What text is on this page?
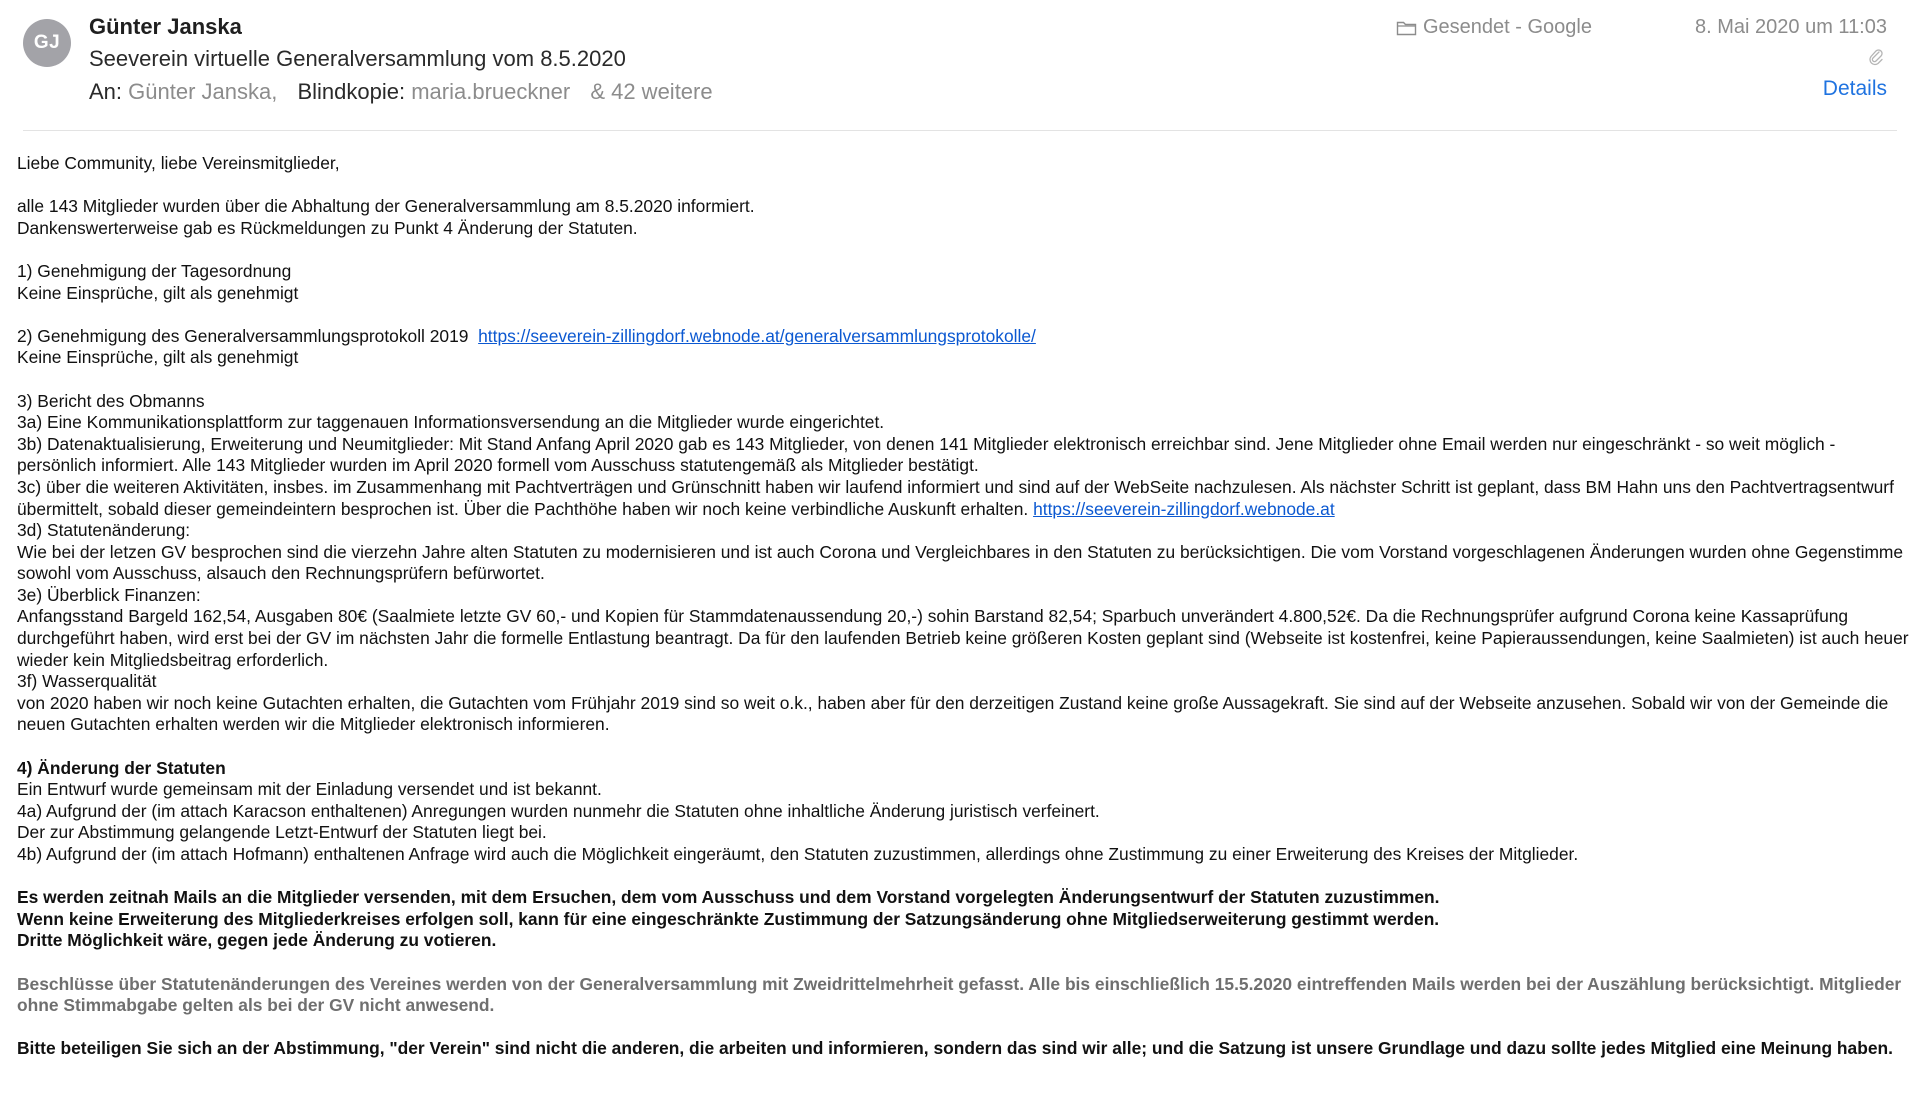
GJ
Günter Janska
Seeverein virtuelle Generalversammlung vom 8.5.2020
An: Günter Janska, Blindkopie: maria.brueckner & 42 weitere
Gesendet - Google	8. Mai 2020 um 11:03
Details

Liebe Community, liebe Vereinsmitglieder,

alle 143 Mitglieder wurden über die Abhaltung der Generalversammlung am 8.5.2020 informiert.

Dankenswerterweise gab es Rückmeldungen zu Punkt 4 Änderung der Statuten.

1) Genehmigung der Tagesordnung

Keine Einsprüche, gilt als genehmigt

2) Genehmigung des Generalversammlungsprotokoll 2019 https://seeverein-zillingdorf.webnode.at/generalversammlungsprotokolle/

Keine Einsprüche, gilt als genehmigt

3) Bericht des Obmanns

3a) Eine Kommunikationsplattform zur taggenauen Informationsversendung an die Mitglieder wurde eingerichtet.

3b) Datenaktualisierung, Erweiterung und Neumitglieder: Mit Stand Anfang April 2020 gab es 143 Mitglieder, von denen 141 Mitglieder elektronisch erreichbar sind. Jene Mitglieder ohne Email werden nur eingeschränkt - so weit möglich - persönlich informiert. Alle 143 Mitglieder wurden im April 2020 formell vom Ausschuss statutengemäß als Mitglieder bestätigt.

3c) über die weiteren Aktivitäten, insbes. im Zusammenhang mit Pachtverträgen und Grünschnitt haben wir laufend informiert und sind auf der WebSeite nachzulesen. Als nächster Schritt ist geplant, dass BM Hahn uns den Pachtvertragsentwurf übermittelt, sobald dieser gemeindeintern besprochen ist. Über die Pachthöhe haben wir noch keine verbindliche Auskunft erhalten. https://seeverein-zillingdorf.webnode.at

3d) Statutenänderung:

Wie bei der letzen GV besprochen sind die vierzehn Jahre alten Statuten zu modernisieren und ist auch Corona und Vergleichbares in den Statuten zu berücksichtigen. Die vom Vorstand vorgeschlagenen Änderungen wurden ohne Gegenstimme sowohl vom Ausschuss, alsauch den Rechnungsprüfern befürwortet.

3e) Überblick Finanzen:

Anfangsstand Bargeld 162,54, Ausgaben 80€ (Saalmiete letzte GV 60,- und Kopien für Stammdatenaussendung 20,-) sohin Barstand 82,54; Sparbuch unverändert 4.800,52€. Da die Rechnungsprüfer aufgrund Corona keine Kassaprüfung durchgeführt haben, wird erst bei der GV im nächsten Jahr die formelle Entlastung beantragt. Da für den laufenden Betrieb keine größeren Kosten geplant sind (Webseite ist kostenfrei, keine Papieraussendungen, keine Saalmieten) ist auch heuer wieder kein Mitgliedsbeitrag erforderlich.

3f) Wasserqualität

von 2020 haben wir noch keine Gutachten erhalten, die Gutachten vom Frühjahr 2019 sind so weit o.k., haben aber für den derzeitigen Zustand keine große Aussagekraft. Sie sind auf der Webseite anzusehen. Sobald wir von der Gemeinde die neuen Gutachten erhalten werden wir die Mitglieder elektronisch informieren.

4) Änderung der Statuten

Ein Entwurf wurde gemeinsam mit der Einladung versendet und ist bekannt.

4a) Aufgrund der (im attach Karacson enthaltenen) Anregungen wurden nunmehr die Statuten ohne inhaltliche Änderung juristisch verfeinert.

Der zur Abstimmung gelangende Letzt-Entwurf der Statuten liegt bei.

4b) Aufgrund der (im attach Hofmann) enthaltenen Anfrage wird auch die Möglichkeit eingeräumt, den Statuten zuzustimmen, allerdings ohne Zustimmung zu einer Erweiterung des Kreises der Mitglieder.

Es werden zeitnah Mails an die Mitglieder versenden, mit dem Ersuchen, dem vom Ausschuss und dem Vorstand vorgelegten Änderungsentwurf der Statuten zuzustimmen.

Wenn keine Erweiterung des Mitgliederkreises erfolgen soll, kann für eine eingeschränkte Zustimmung der Satzungsänderung ohne Mitgliedserweiterung gestimmt werden.

Dritte Möglichkeit wäre, gegen jede Änderung zu votieren.

Beschlüsse über Statutenänderungen des Vereines werden von der Generalversammlung mit Zweidrittelmehrheit gefasst. Alle bis einschließlich 15.5.2020 eintreffenden Mails werden bei der Auszählung berücksichtigt. Mitglieder ohne Stimmabgabe gelten als bei der GV nicht anwesend.

Bitte beteiligen Sie sich an der Abstimmung, "der Verein" sind nicht die anderen, die arbeiten und informieren, sondern das sind wir alle; und die Satzung ist unsere Grundlage und dazu sollte jedes Mitglied eine Meinung haben.
